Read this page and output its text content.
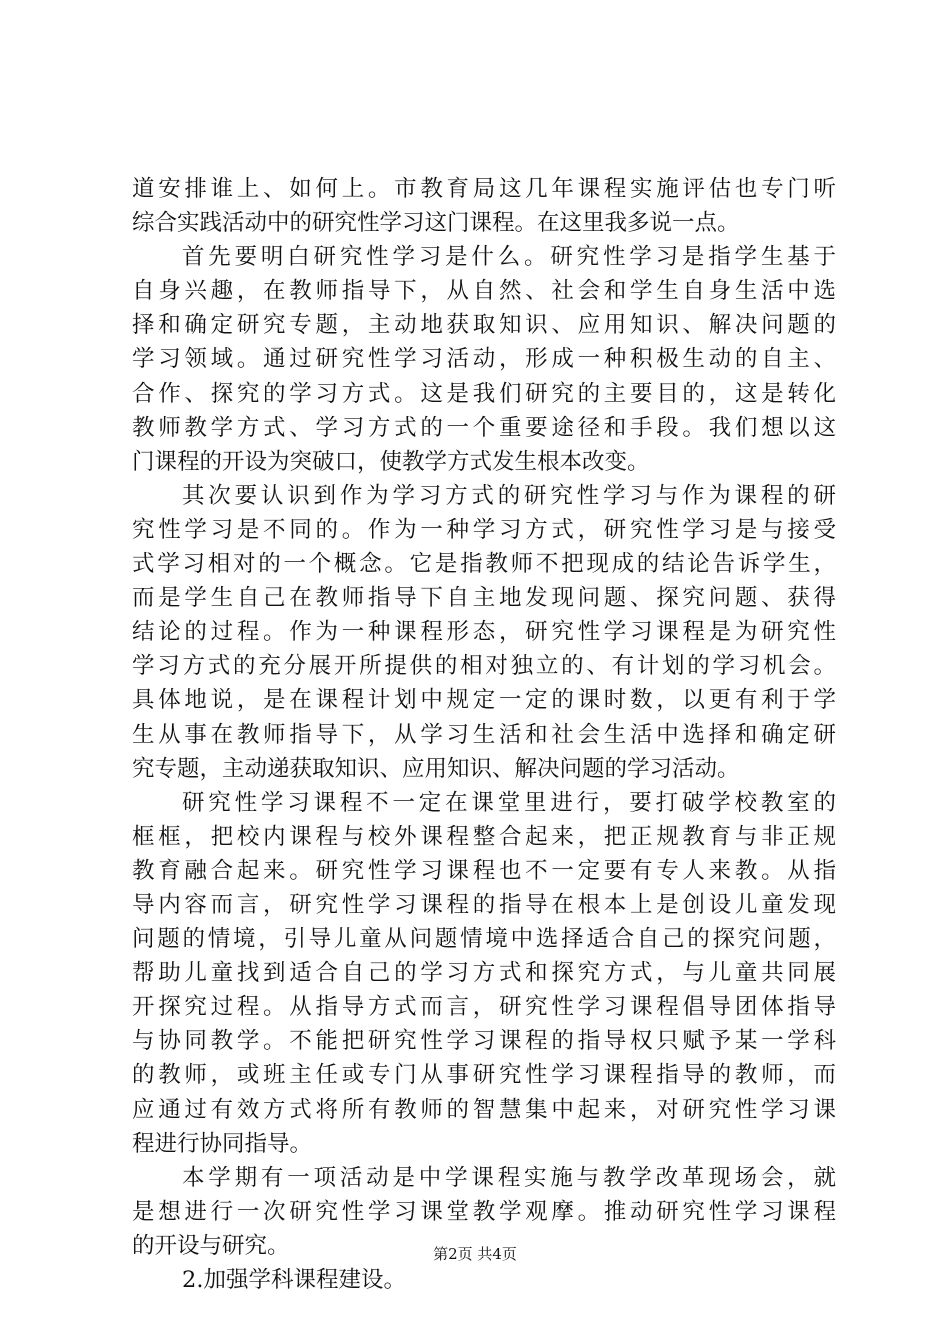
道安排谁上、如何上。市教育局这几年课程实施评估也专门听
综合实践活动中的研究性学习这门课程。在这里我多说一点。
首先要明白研究性学习是什么。研究性学习是指学生基于
自身兴趣，在教师指导下，从自然、社会和学生自身生活中选
择和确定研究专题，主动地获取知识、应用知识、解决问题的
学习领域。通过研究性学习活动，形成一种积极生动的自主、
合作、探究的学习方式。这是我们研究的主要目的，这是转化
教师教学方式、学习方式的一个重要途径和手段。我们想以这
门课程的开设为突破口，使教学方式发生根本改变。
其次要认识到作为学习方式的研究性学习与作为课程的研
究性学习是不同的。作为一种学习方式，研究性学习是与接受
式学习相对的一个概念。它是指教师不把现成的结论告诉学生，
而是学生自己在教师指导下自主地发现问题、探究问题、获得
结论的过程。作为一种课程形态，研究性学习课程是为研究性
学习方式的充分展开所提供的相对独立的、有计划的学习机会。
具体地说，是在课程计划中规定一定的课时数，以更有利于学
生从事在教师指导下，从学习生活和社会生活中选择和确定研
究专题，主动递获取知识、应用知识、解决问题的学习活动。
研究性学习课程不一定在课堂里进行，要打破学校教室的
框框，把校内课程与校外课程整合起来，把正规教育与非正规
教育融合起来。研究性学习课程也不一定要有专人来教。从指
导内容而言，研究性学习课程的指导在根本上是创设儿童发现
问题的情境，引导儿童从问题情境中选择适合自己的探究问题，
帮助儿童找到适合自己的学习方式和探究方式，与儿童共同展
开探究过程。从指导方式而言，研究性学习课程倡导团体指导
与协同教学。不能把研究性学习课程的指导权只赋予某一学科
的教师，或班主任或专门从事研究性学习课程指导的教师，而
应通过有效方式将所有教师的智慧集中起来，对研究性学习课
程进行协同指导。
本学期有一项活动是中学课程实施与教学改革现场会，就
是想进行一次研究性学习课堂教学观摩。推动研究性学习课程
的开设与研究。
2.加强学科课程建设。
第2页 共4页
